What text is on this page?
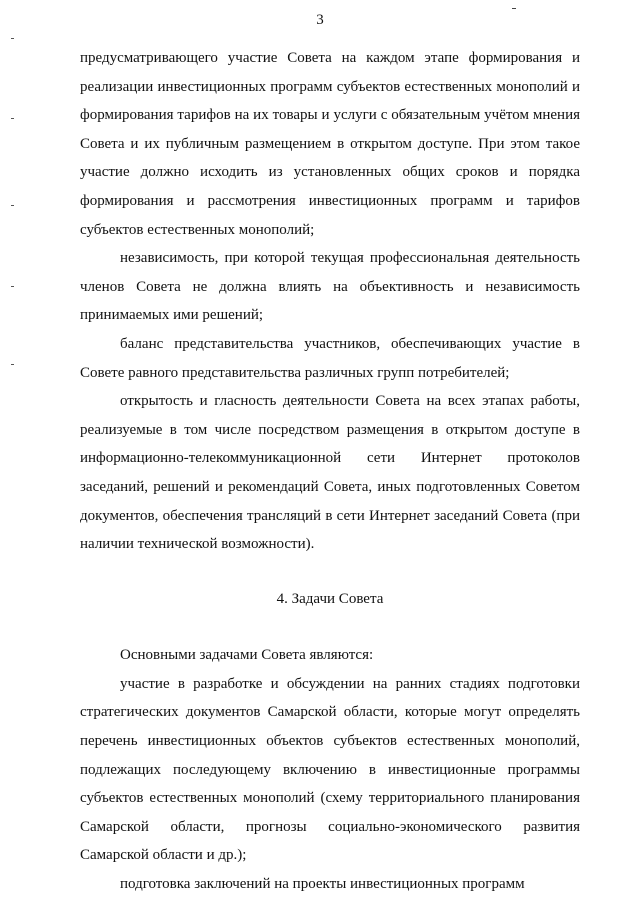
3

предусматривающего участие Совета на каждом этапе формирования и реализации инвестиционных программ субъектов естественных монополий и формирования тарифов на их товары и услуги с обязательным учётом мнения Совета и их публичным размещением в открытом доступе. При этом такое участие должно исходить из установленных общих сроков и порядка формирования и рассмотрения инвестиционных программ и тарифов субъектов естественных монополий;

независимость, при которой текущая профессиональная деятельность членов Совета не должна влиять на объективность и независимость принимаемых ими решений;

баланс представительства участников, обеспечивающих участие в Совете равного представительства различных групп потребителей;

открытость и гласность деятельности Совета на всех этапах работы, реализуемые в том числе посредством размещения в открытом доступе в информационно-телекоммуникационной сети Интернет протоколов заседаний, решений и рекомендаций Совета, иных подготовленных Советом документов, обеспечения трансляций в сети Интернет заседаний Совета (при наличии технической возможности).

4. Задачи Совета

Основными задачами Совета являются:

участие в разработке и обсуждении на ранних стадиях подготовки стратегических документов Самарской области, которые могут определять перечень инвестиционных объектов субъектов естественных монополий, подлежащих последующему включению в инвестиционные программы субъектов естественных монополий (схему территориального планирования Самарской области, прогнозы социально-экономического развития Самарской области и др.);

подготовка заключений на проекты инвестиционных программ
